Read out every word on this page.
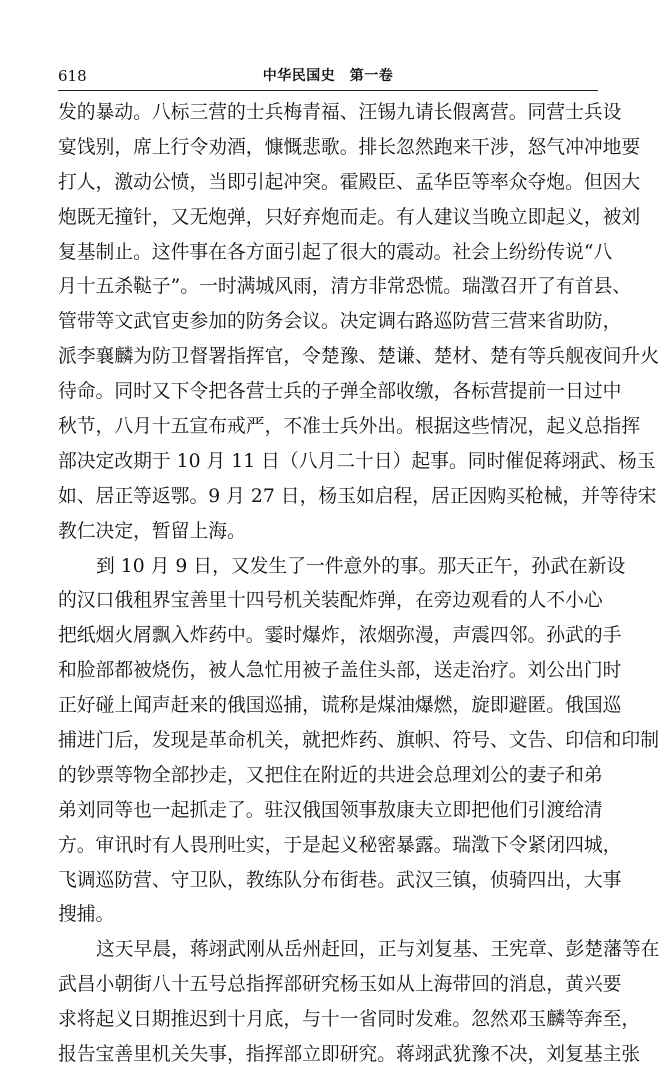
618	中华民国史　第一卷
发的暴动。八标三营的士兵梅青福、汪锡九请长假离营。同营士兵设
宴饯别，席上行令劝酒，慷慨悲歌。排长忽然跑来干涉，怒气冲冲地要
打人，激动公愤，当即引起冲突。霍殿臣、孟华臣等率众夺炮。但因大
炮既无撞针，又无炮弹，只好弃炮而走。有人建议当晚立即起义，被刘
复基制止。这件事在各方面引起了很大的震动。社会上纷纷传说“八
月十五杀鞑子”。一时满城风雨，清方非常恐慌。瑞澂召开了有首县、
管带等文武官吏参加的防务会议。决定调右路巡防营三营来省助防，
派李襄麟为防卫督署指挥官，令楚豫、楚谦、楚材、楚有等兵舰夜间升火
待命。同时又下令把各营士兵的子弹全部收缴，各标营提前一日过中
秋节，八月十五宣布戒严，不准士兵外出。根据这些情况，起义总指挥
部决定改期于 10 月 11 日（八月二十日）起事。同时催促蒋翊武、杨玉
如、居正等返鄂。9 月 27 日，杨玉如启程，居正因购买枪械，并等待宋
教仁决定，暂留上海。
到 10 月 9 日，又发生了一件意外的事。那天正午，孙武在新设
的汉口俄租界宝善里十四号机关装配炸弹，在旁边观看的人不小心
把纸烟火屑飘入炸药中。霎时爆炸，浓烟弥漫，声震四邻。孙武的手
和脸部都被烧伤，被人急忙用被子盖住头部，送走治疗。刘公出门时
正好碰上闻声赶来的俄国巡捕，谎称是煤油爆燃，旋即避匿。俄国巡
捕进门后，发现是革命机关，就把炸药、旗帜、符号、文告、印信和印制
的钞票等物全部抄走，又把住在附近的共进会总理刘公的妻子和弟
弟刘同等也一起抓走了。驻汉俄国领事敖康夫立即把他们引渡给清
方。审讯时有人畏刑吐实，于是起义秘密暴露。瑞澂下令紧闭四城，
飞调巡防营、守卫队，教练队分布街巷。武汉三镇，侦骑四出，大事
搜捕。
这天早晨，蒋翊武刚从岳州赶回，正与刘复基、王宪章、彭楚藩等在
武昌小朝街八十五号总指挥部研究杨玉如从上海带回的消息，黄兴要
求将起义日期推迟到十月底，与十一省同时发难。忽然邓玉麟等奔至，
报告宝善里机关失事，指挥部立即研究。蒋翊武犹豫不决，刘复基主张
